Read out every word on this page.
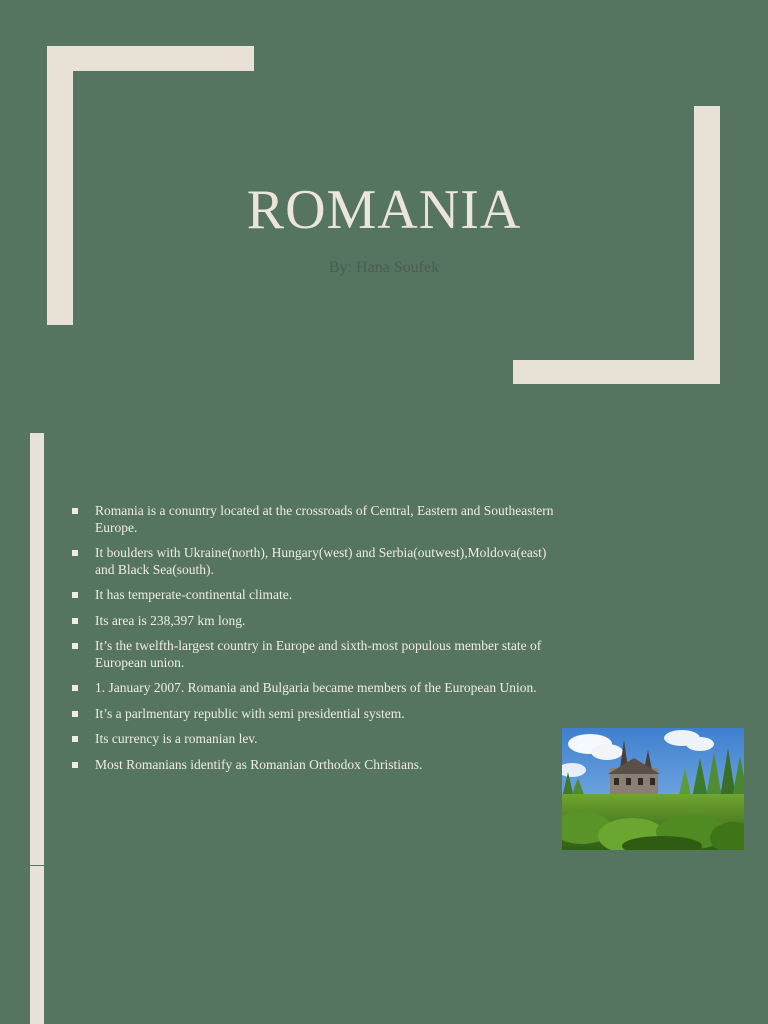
ROMANIA
By: Hana Soufek
Romania is a conuntry located at the crossroads of Central, Eastern and Southeastern Europe.
It boulders with Ukraine(north), Hungary(west) and Serbia(outwest),Moldova(east) and Black Sea(south).
It has temperate-continental climate.
Its area is 238,397 km long.
It’s the twelfth-largest country in Europe and sixth-most populous member state of European union.
1. January 2007. Romania and Bulgaria became members of the European Union.
It’s a parlmentary republic with semi presidential system.
Its currency is a romanian lev.
Most Romanians identify as Romanian Orthodox Christians.
